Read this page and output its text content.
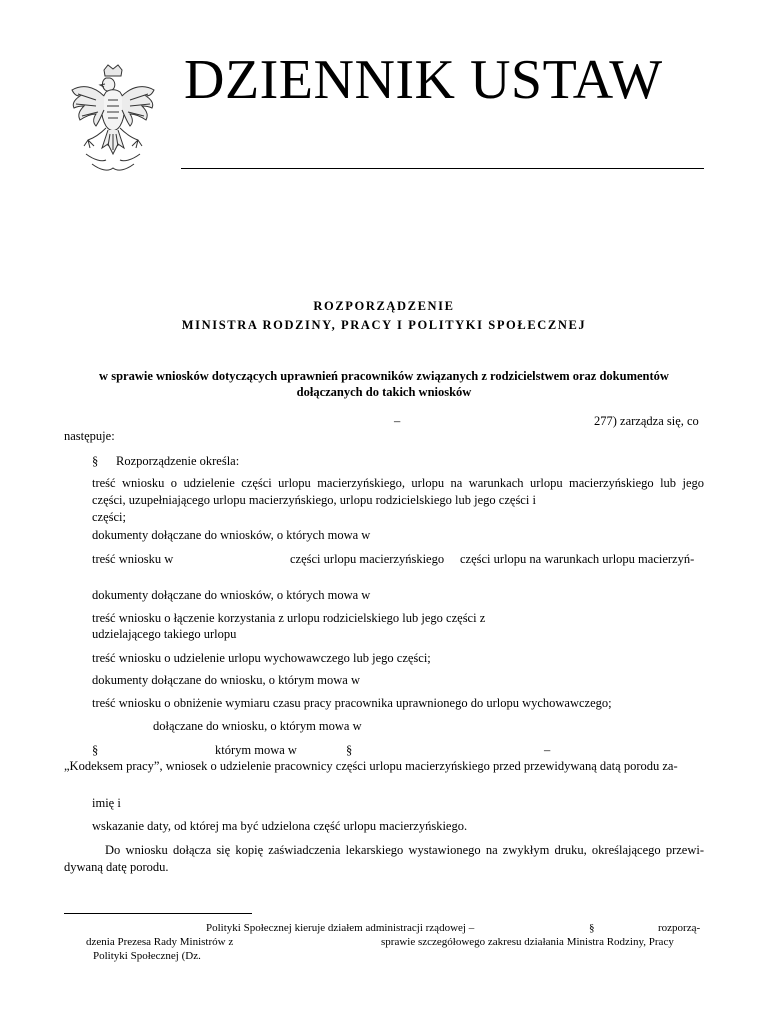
DZIENNIK USTAW
ROZPORZĄDZENIE
MINISTRA RODZINY, PRACY I POLITYKI SPOŁECZNEJ
w sprawie wniosków dotyczących uprawnień pracowników związanych z rodzicielstwem oraz dokumentów
dołączanych do takich wniosków
–	277) zarządza się, co
następuje:
§ Rozporządzenie określa:
treść wniosku o udzielenie części urlopu macierzyńskiego, urlopu na warunkach urlopu macierzyńskiego lub jego
części, uzupełniającego urlopu macierzyńskiego, urlopu rodzicielskiego lub jego części i
części;
dokumenty dołączane do wniosków, o których mowa w
treść wniosku w	części urlopu macierzyńskiego części urlopu na warunkach urlopu macierzyń-
dokumenty dołączane do wniosków, o których mowa w
treść wniosku o łączenie korzystania z urlopu rodzicielskiego lub jego części z
udzielającego takiego urlopu
treść wniosku o udzielenie urlopu wychowawczego lub jego części;
dokumenty dołączane do wniosku, o którym mowa w
treść wniosku o obniżenie wymiaru czasu pracy pracownika uprawnionego do urlopu wychowawczego;
dołączane do wniosku, o którym mowa w
§	którym mowa w	§	–
„Kodeksem pracy”, wniosek o udzielenie pracownicy części urlopu macierzyńskiego przed przewidywaną datą porodu za-
imię i
wskazanie daty, od której ma być udzielona część urlopu macierzyńskiego.
Do wniosku dołącza się kopię zaświadczenia lekarskiego wystawionego na zwykłym druku, określającego przewi-
dywaną datę porodu.
Polityki Społecznej kieruje działem administracji rządowej –	§	rozporzą-
dzenia Prezesa Rady Ministrów z	sprawie szczegółowego zakresu działania Ministra Rodziny, Pracy
Polityki Społecznej (Dz.
